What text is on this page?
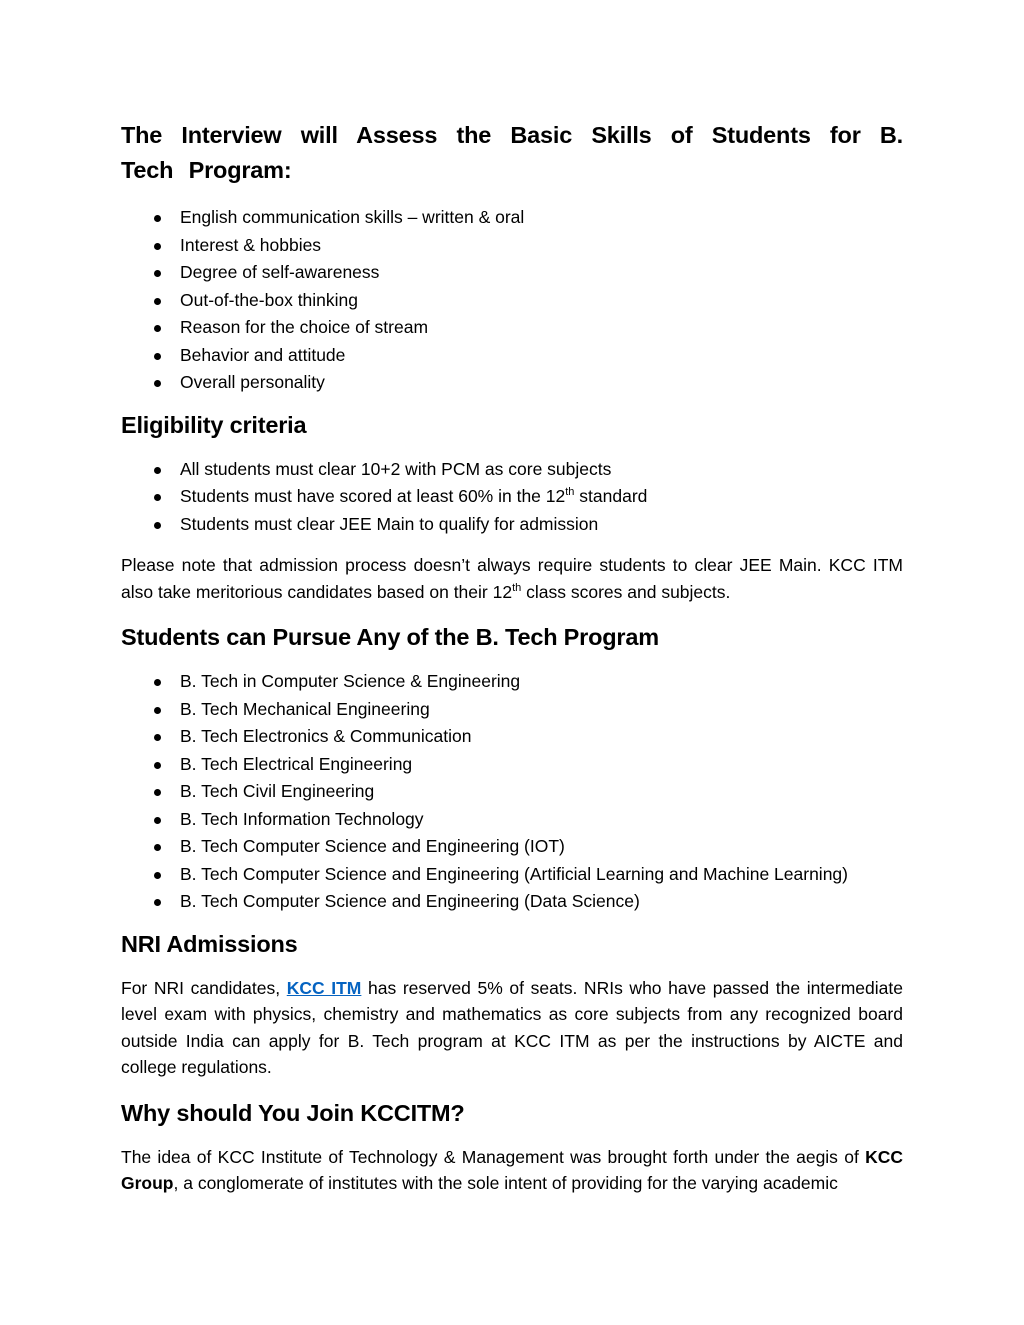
The Interview will Assess the Basic Skills of Students for B. Tech Program:
English communication skills – written & oral
Interest & hobbies
Degree of self-awareness
Out-of-the-box thinking
Reason for the choice of stream
Behavior and attitude
Overall personality
Eligibility criteria
All students must clear 10+2 with PCM as core subjects
Students must have scored at least 60% in the 12th standard
Students must clear JEE Main to qualify for admission

Please note that admission process doesn’t always require students to clear JEE Main. KCC ITM also take meritorious candidates based on their 12th class scores and subjects.

Students can Pursue Any of the B. Tech Program
B. Tech in Computer Science & Engineering
B. Tech Mechanical Engineering
B. Tech Electronics & Communication
B. Tech Electrical Engineering
B. Tech Civil Engineering
B. Tech Information Technology
B. Tech Computer Science and Engineering (IOT)
B. Tech Computer Science and Engineering (Artificial Learning and Machine Learning)
B. Tech Computer Science and Engineering (Data Science)
NRI Admissions

For NRI candidates, KCC ITM has reserved 5% of seats. NRIs who have passed the intermediate level exam with physics, chemistry and mathematics as core subjects from any recognized board outside India can apply for B. Tech program at KCC ITM as per the instructions by AICTE and college regulations.

Why should You Join KCCITM?

The idea of KCC Institute of Technology & Management was brought forth under the aegis of KCC Group, a conglomerate of institutes with the sole intent of providing for the varying academic
